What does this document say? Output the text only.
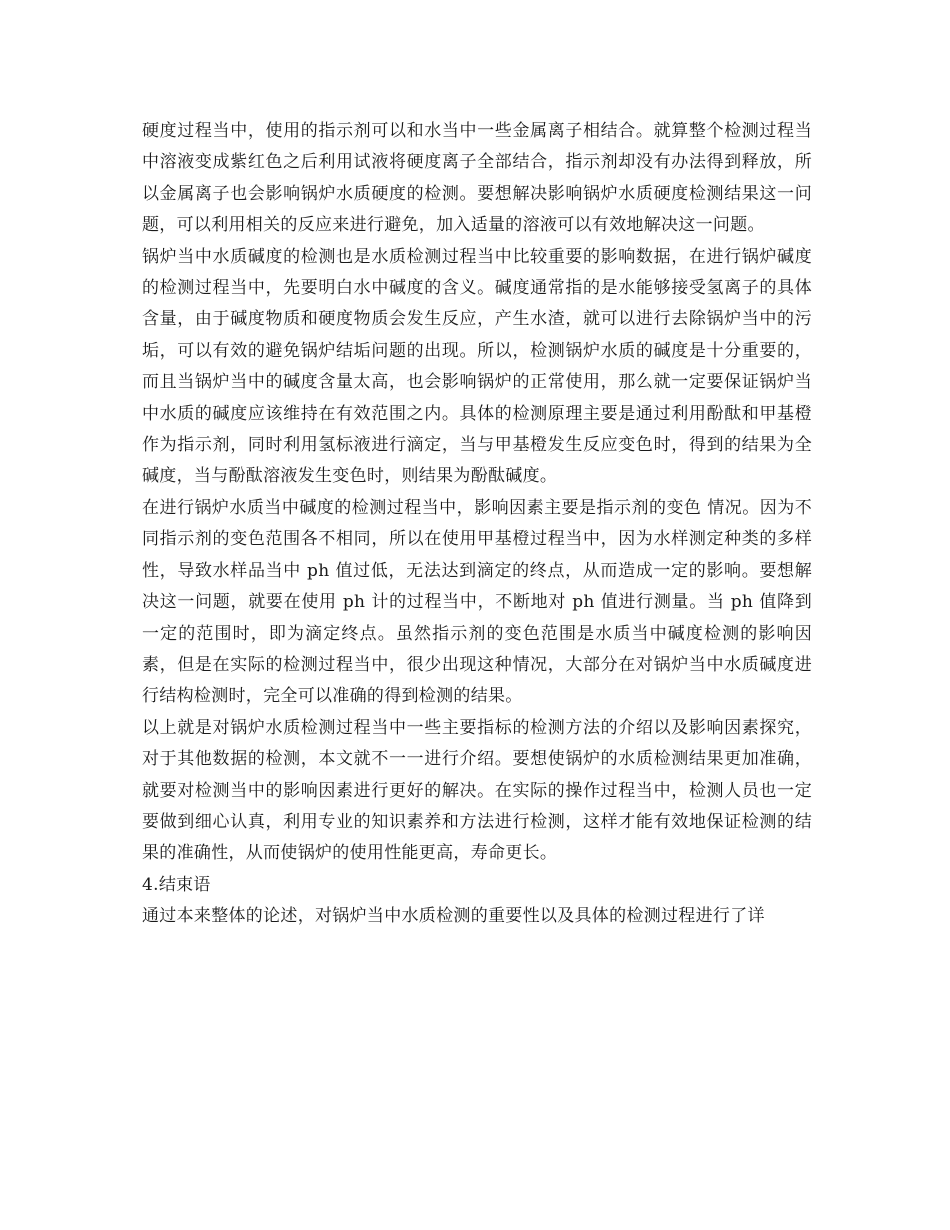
硬度过程当中，使用的指示剂可以和水当中一些金属离子相结合。就算整个检测过程当中溶液变成紫红色之后利用试液将硬度离子全部结合，指示剂却没有办法得到释放，所以金属离子也会影响锅炉水质硬度的检测。要想解决影响锅炉水质硬度检测结果这一问题，可以利用相关的反应来进行避免，加入适量的溶液可以有效地解决这一问题。

锅炉当中水质碱度的检测也是水质检测过程当中比较重要的影响数据，在进行锅炉碱度的检测过程当中，先要明白水中碱度的含义。碱度通常指的是水能够接受氢离子的具体含量，由于碱度物质和硬度物质会发生反应，产生水渣，就可以进行去除锅炉当中的污垢，可以有效的避免锅炉结垢问题的出现。所以，检测锅炉水质的碱度是十分重要的，而且当锅炉当中的碱度含量太高，也会影响锅炉的正常使用，那么就一定要保证锅炉当中水质的碱度应该维持在有效范围之内。具体的检测原理主要是通过利用酚酞和甲基橙作为指示剂，同时利用氢标液进行滴定，当与甲基橙发生反应变色时，得到的结果为全碱度，当与酚酞溶液发生变色时，则结果为酚酞碱度。

在进行锅炉水质当中碱度的检测过程当中，影响因素主要是指示剂的变色 情况。因为不同指示剂的变色范围各不相同，所以在使用甲基橙过程当中，因为水样测定种类的多样性，导致水样品当中 ph 值过低，无法达到滴定的终点，从而造成一定的影响。要想解决这一问题，就要在使用 ph 计的过程当中，不断地对 ph 值进行测量。当 ph 值降到一定的范围时，即为滴定终点。虽然指示剂的变色范围是水质当中碱度检测的影响因素，但是在实际的检测过程当中，很少出现这种情况，大部分在对锅炉当中水质碱度进行结构检测时，完全可以准确的得到检测的结果。

以上就是对锅炉水质检测过程当中一些主要指标的检测方法的介绍以及影响因素探究，对于其他数据的检测，本文就不一一进行介绍。要想使锅炉的水质检测结果更加准确，就要对检测当中的影响因素进行更好的解决。在实际的操作过程当中，检测人员也一定要做到细心认真，利用专业的知识素养和方法进行检测，这样才能有效地保证检测的结果的准确性，从而使锅炉的使用性能更高，寿命更长。

4.结束语

通过本来整体的论述，对锅炉当中水质检测的重要性以及具体的检测过程进行了详
